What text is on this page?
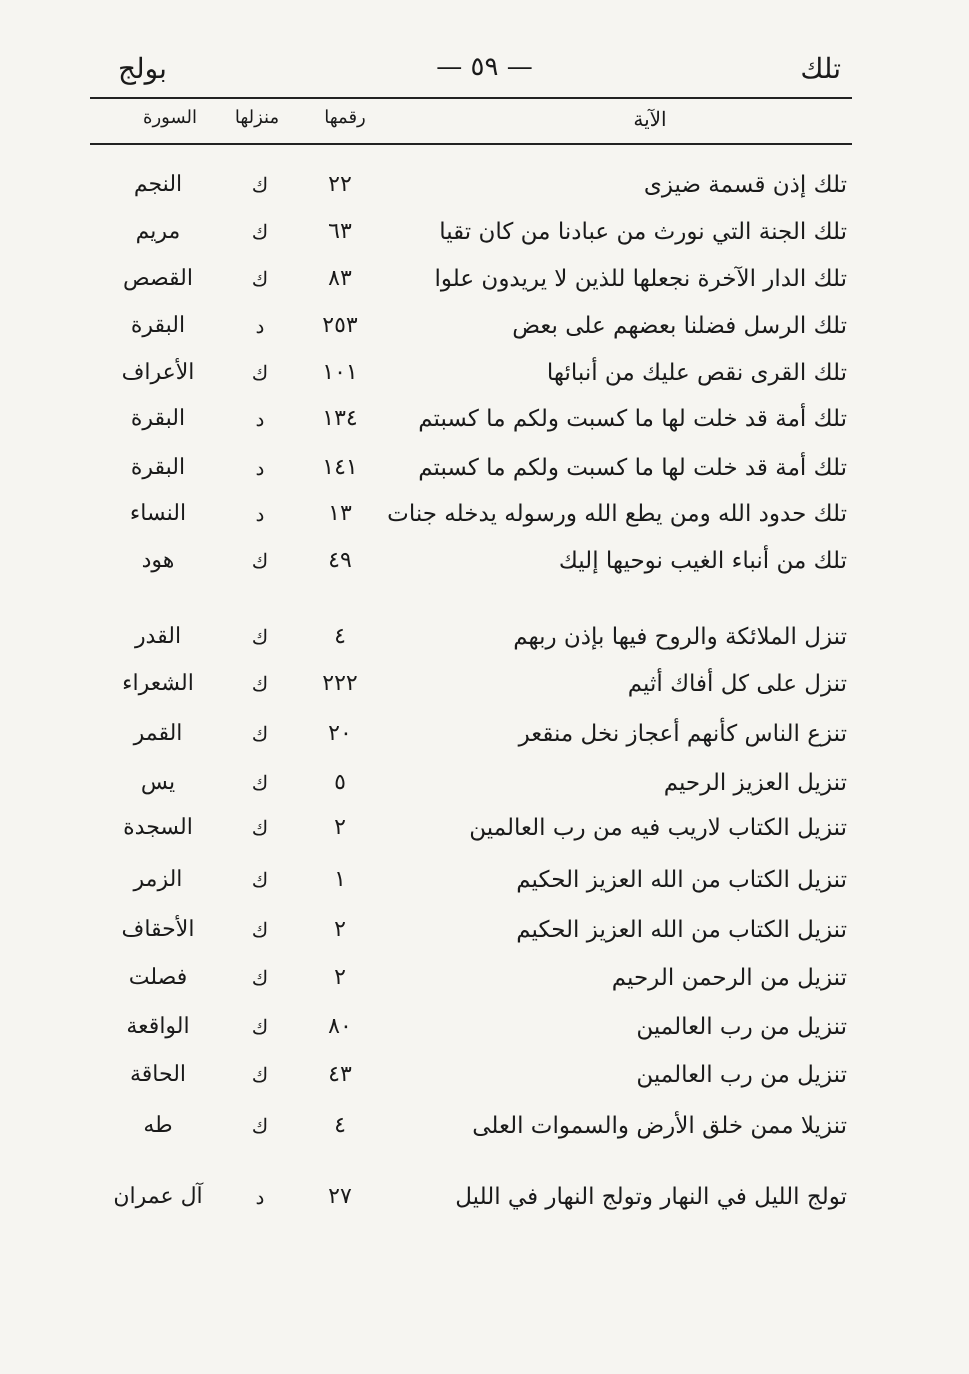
تلك
— ٥٩ —
بولج
الآية
رقمها
منزلها
السورة
تلك إذن قسمة ضيزى
٢٢
ك
النجم
تلك الجنة التي نورث من عبادنا من كان تقيا
٦٣
ك
مريم
تلك الدار الآخرة نجعلها للذين لا يريدون علوا
٨٣
ك
القصص
تلك الرسل فضلنا بعضهم على بعض
٢٥٣
د
البقرة
تلك القرى نقص عليك من أنبائها
١٠١
ك
الأعراف
تلك أمة قد خلت لها ما كسبت ولكم ما كسبتم
١٣٤
د
البقرة
تلك أمة قد خلت لها ما كسبت ولكم ما كسبتم
١٤١
د
البقرة
تلك حدود الله ومن يطع الله ورسوله يدخله جنات
١٣
د
النساء
تلك من أنباء الغيب نوحيها إليك
٤٩
ك
هود
تنزل الملائكة والروح فيها بإذن ربهم
٤
ك
القدر
تنزل على كل أفاك أثيم
٢٢٢
ك
الشعراء
تنزع الناس كأنهم أعجاز نخل منقعر
٢٠
ك
القمر
تنزيل العزيز الرحيم
٥
ك
يس
تنزيل الكتاب لاريب فيه من رب العالمين
٢
ك
السجدة
تنزيل الكتاب من الله العزيز الحكيم
١
ك
الزمر
تنزيل الكتاب من الله العزيز الحكيم
٢
ك
الأحقاف
تنزيل من الرحمن الرحيم
٢
ك
فصلت
تنزيل من رب العالمين
٨٠
ك
الواقعة
تنزيل من رب العالمين
٤٣
ك
الحاقة
تنزيلا ممن خلق الأرض والسموات العلى
٤
ك
طه
تولج الليل في النهار وتولج النهار في الليل
٢٧
د
آل عمران
